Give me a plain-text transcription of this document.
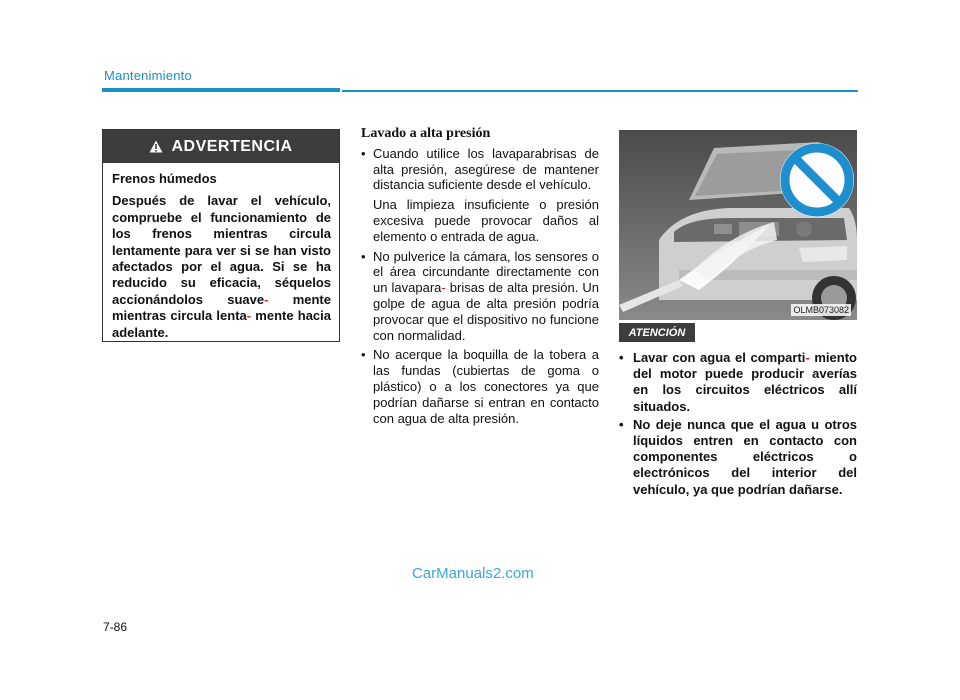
Mantenimiento
ADVERTENCIA

Frenos húmedos

Después de lavar el vehículo, compruebe el funcionamiento de los frenos mientras circula lentamente para ver si se han visto afectados por el agua. Si se ha reducido su eficacia, séquelos accionándolos suave- mente mientras circula lenta- mente hacia adelante.

Lavado a alta presión

• Cuando utilice los lavaparabrisas de alta presión, asegúrese de mantener distancia suficiente desde el vehículo.

Una limpieza insuficiente o presión excesiva puede provocar daños al elemento o entrada de agua.

• No pulverice la cámara, los sensores o el área circundante directamente con un lavapara- brisas de alta presión. Un golpe de agua de alta presión podría provocar que el dispositivo no funcione con normalidad.
• No acerque la boquilla de la tobera a las fundas (cubiertas de goma o plástico) o a los conectores ya que podrían dañarse si entran en contacto con agua de alta presión.
OLMB073082
ATENCIÓN
• Lavar con agua el comparti- miento del motor puede producir averías en los circuitos eléctricos allí situados.
• No deje nunca que el agua u otros líquidos entren en contacto con componentes eléctricos o electrónicos del interior del vehículo, ya que podrían dañarse.
CarManuals2.com
7-86
